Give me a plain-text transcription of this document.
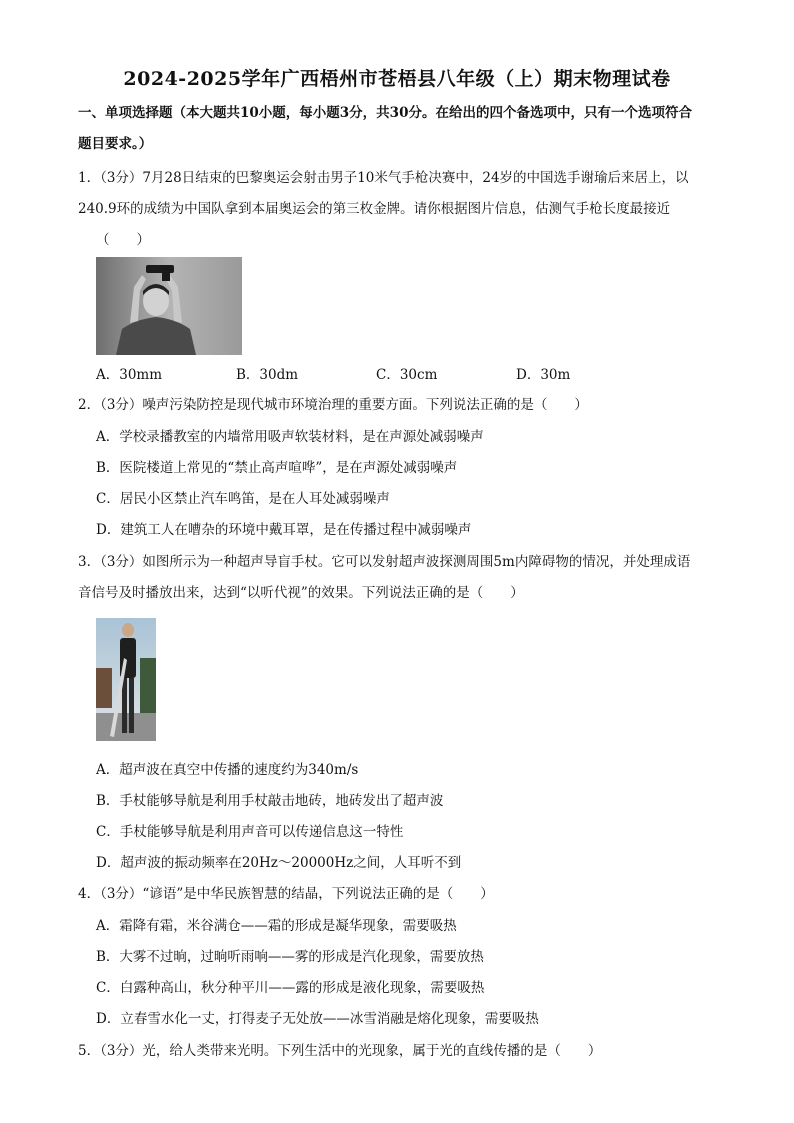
2024-2025学年广西梧州市苍梧县八年级（上）期末物理试卷
一、单项选择题（本大题共10小题，每小题3分，共30分。在给出的四个备选项中，只有一个选项符合
题目要求。）
1．（3分）7月28日结束的巴黎奥运会射击男子10米气手枪决赛中，24岁的中国选手谢瑜后来居上，以
240.9环的成绩为中国队拿到本届奥运会的第三枚金牌。请你根据图片信息，估测气手枪长度最接近
（　　）
A．30mm	B．30dm	C．30cm	D．30m
2．（3分）噪声污染防控是现代城市环境治理的重要方面。下列说法正确的是（　　）
A．学校录播教室的内墙常用吸声软装材料，是在声源处减弱噪声
B．医院楼道上常见的“禁止高声喧哗”，是在声源处减弱噪声
C．居民小区禁止汽车鸣笛，是在人耳处减弱噪声
D．建筑工人在嘈杂的环境中戴耳罩，是在传播过程中减弱噪声
3．（3分）如图所示为一种超声导盲手杖。它可以发射超声波探测周围5m内障碍物的情况，并处理成语
音信号及时播放出来，达到“以听代视”的效果。下列说法正确的是（　　）
A．超声波在真空中传播的速度约为340m/s
B．手杖能够导航是利用手杖敲击地砖，地砖发出了超声波
C．手杖能够导航是利用声音可以传递信息这一特性
D．超声波的振动频率在20Hz～20000Hz之间，人耳听不到
4．（3分）“谚语”是中华民族智慧的结晶，下列说法正确的是（　　）
A．霜降有霜，米谷满仓——霜的形成是凝华现象，需要吸热
B．大雾不过晌，过晌听雨响——雾的形成是汽化现象，需要放热
C．白露种高山，秋分种平川——露的形成是液化现象，需要吸热
D．立春雪水化一丈，打得麦子无处放——冰雪消融是熔化现象，需要吸热
5．（3分）光，给人类带来光明。下列生活中的光现象，属于光的直线传播的是（　　）
